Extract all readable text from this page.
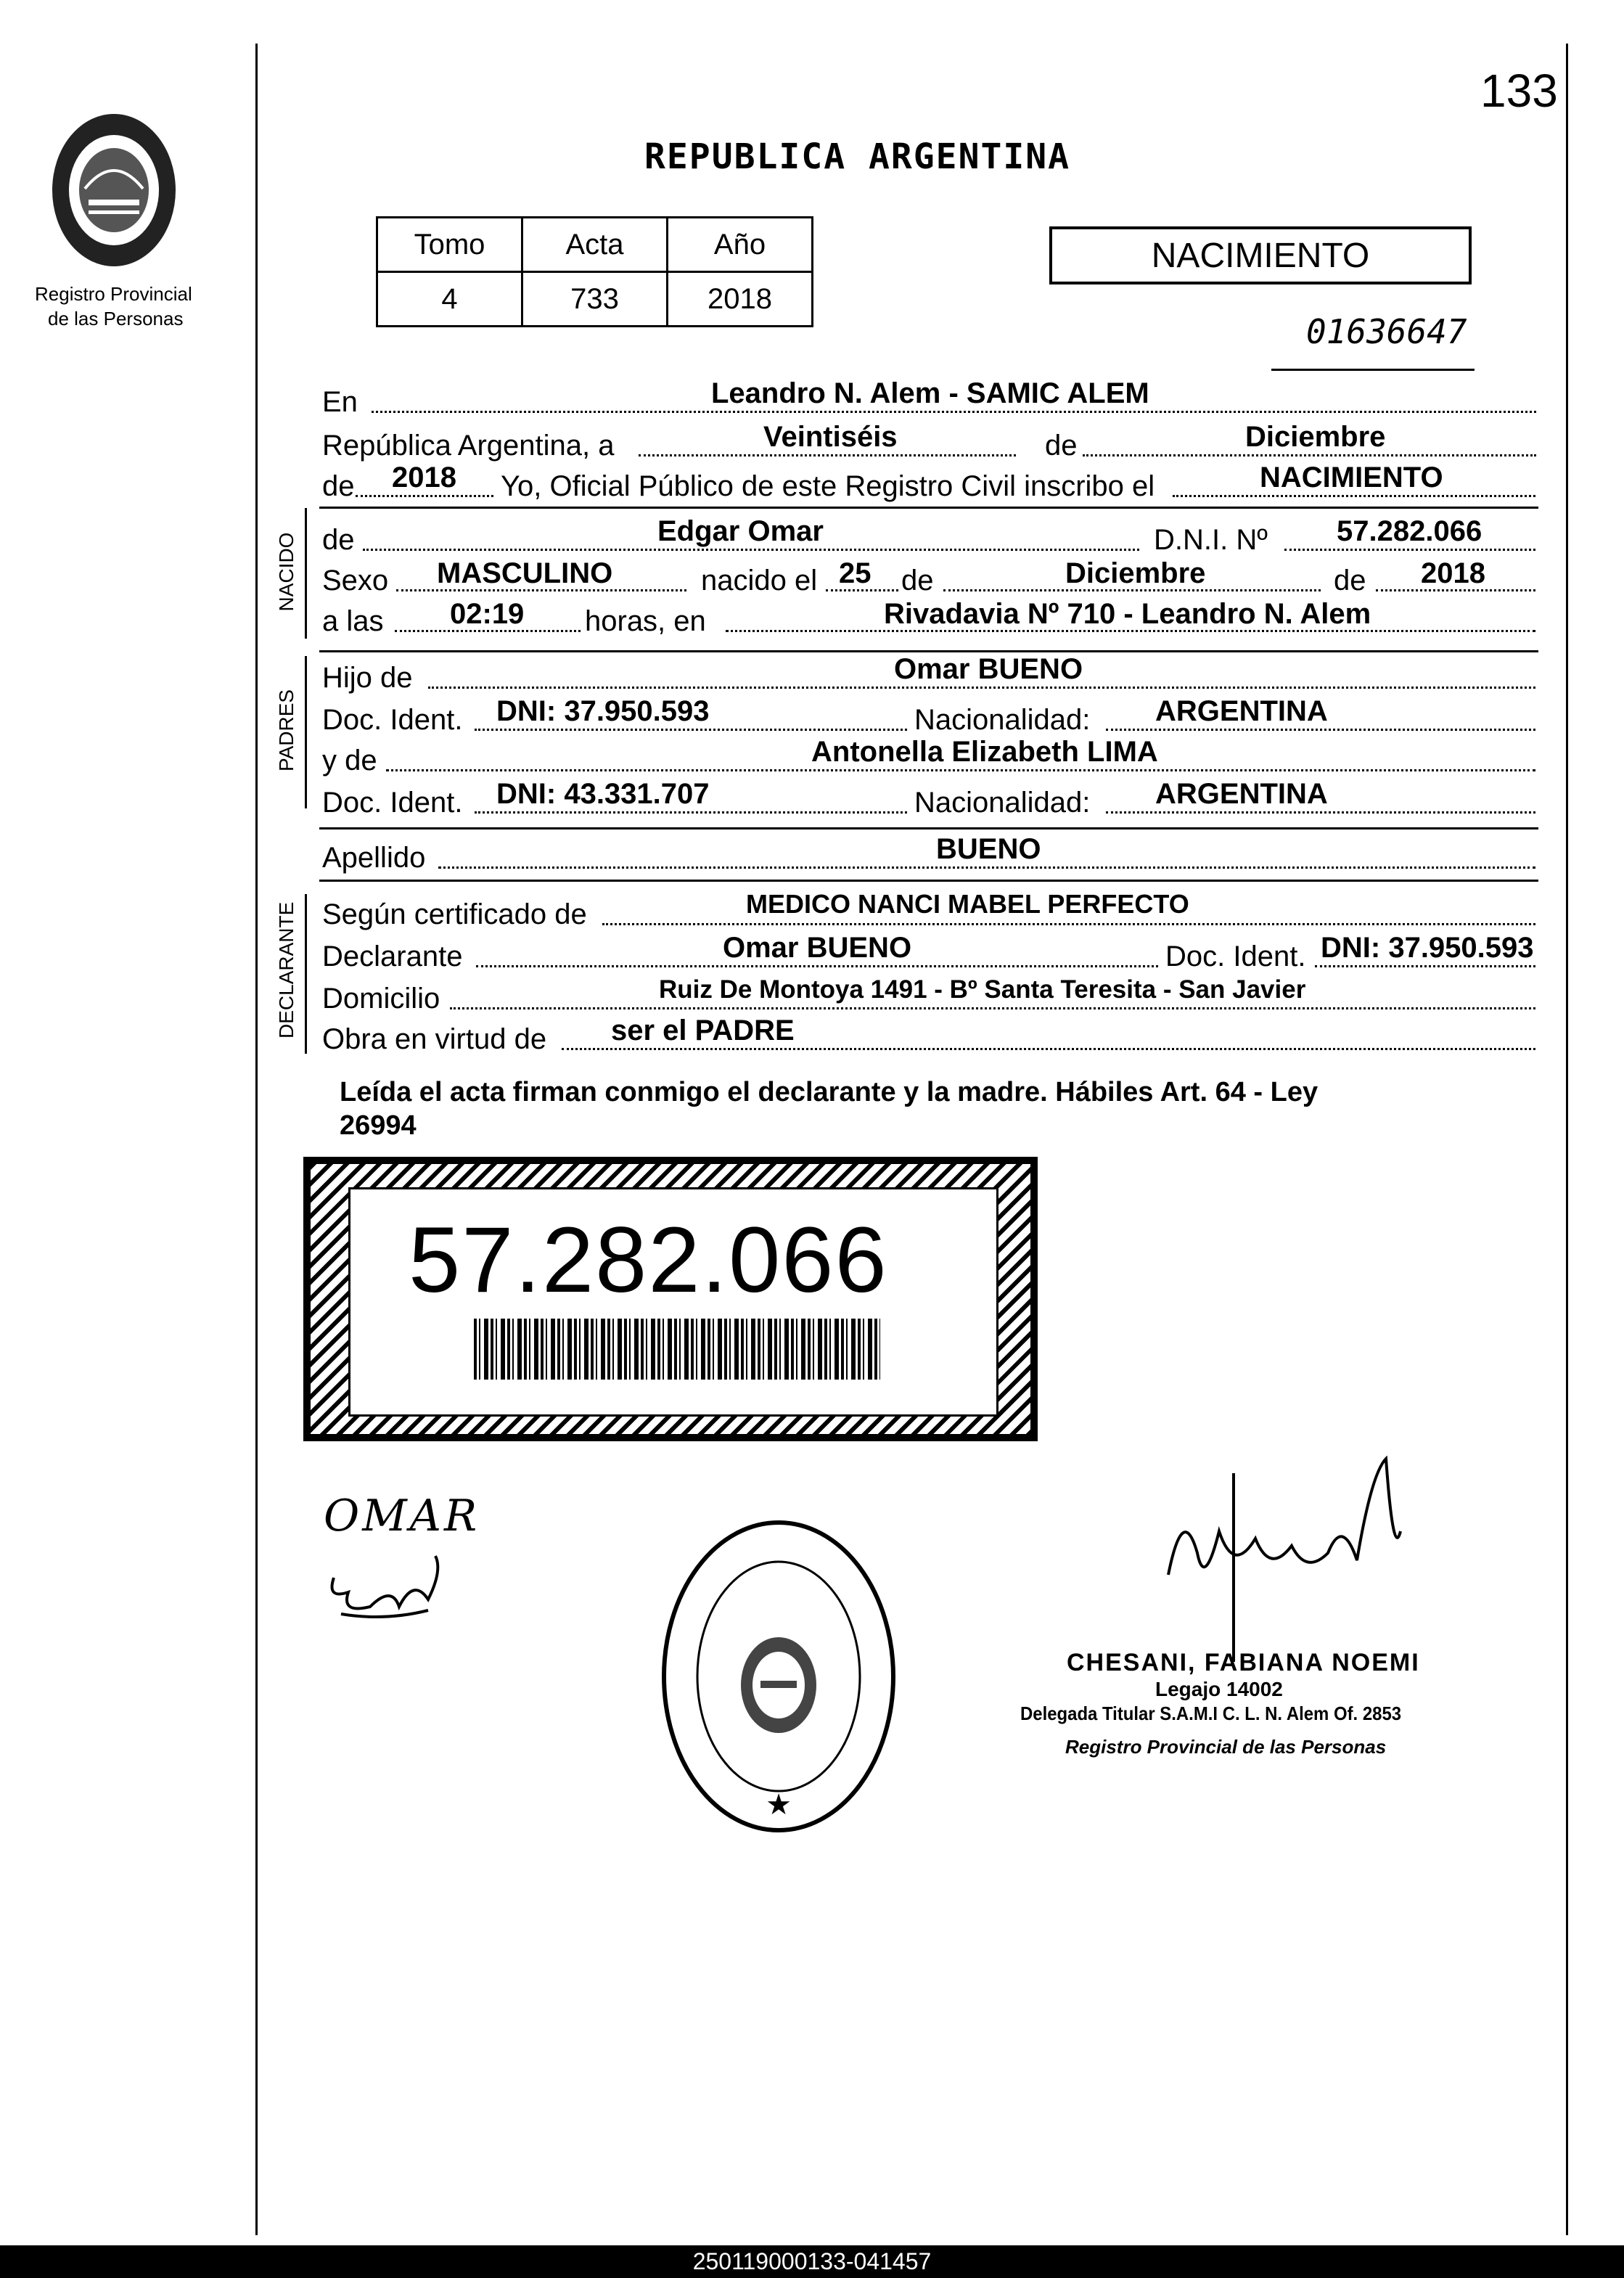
133
Registro Provincial
de las Personas
REPUBLICA ARGENTINA
Tomo	Acta	Año
4	733	2018
NACIMIENTO
01636647
En	Leandro N. Alem - SAMIC ALEM
República Argentina, a	Veintiséis	de	Diciembre
de 2018 Yo, Oficial Público de este Registro Civil inscribo el	NACIMIENTO
NACIDO de	Edgar Omar	D.N.I. Nº 57.282.066
Sexo MASCULINO	nacido el 25 de	Diciembre	de 2018
a las 02:19 horas, en	Rivadavia Nº 710 - Leandro N. Alem
PADRES
Hijo de	Omar BUENO
Doc. Ident. DNI: 37.950.593	Nacionalidad: ARGENTINA
y de	Antonella Elizabeth LIMA
Doc. Ident. DNI: 43.331.707	Nacionalidad: ARGENTINA
Apellido	BUENO
DECLARANTE Según certificado de	MEDICO NANCI MABEL PERFECTO
Declarante	Omar BUENO	Doc. Ident. DNI: 37.950.593
Domicilio	Ruiz De Montoya 1491 - Bº Santa Teresita - San Javier
Obra en virtud de ser el PADRE
Leída el acta firman conmigo el declarante y la madre. Hábiles Art. 64 - Ley
26994
57.282.066
OMAR
★
CHESANI, FABIANA NOEMI
Legajo 14002
Delegada Titular S.A.M.I C. L. N. Alem Of. 2853
Registro Provincial de las Personas
250119000133-041457
